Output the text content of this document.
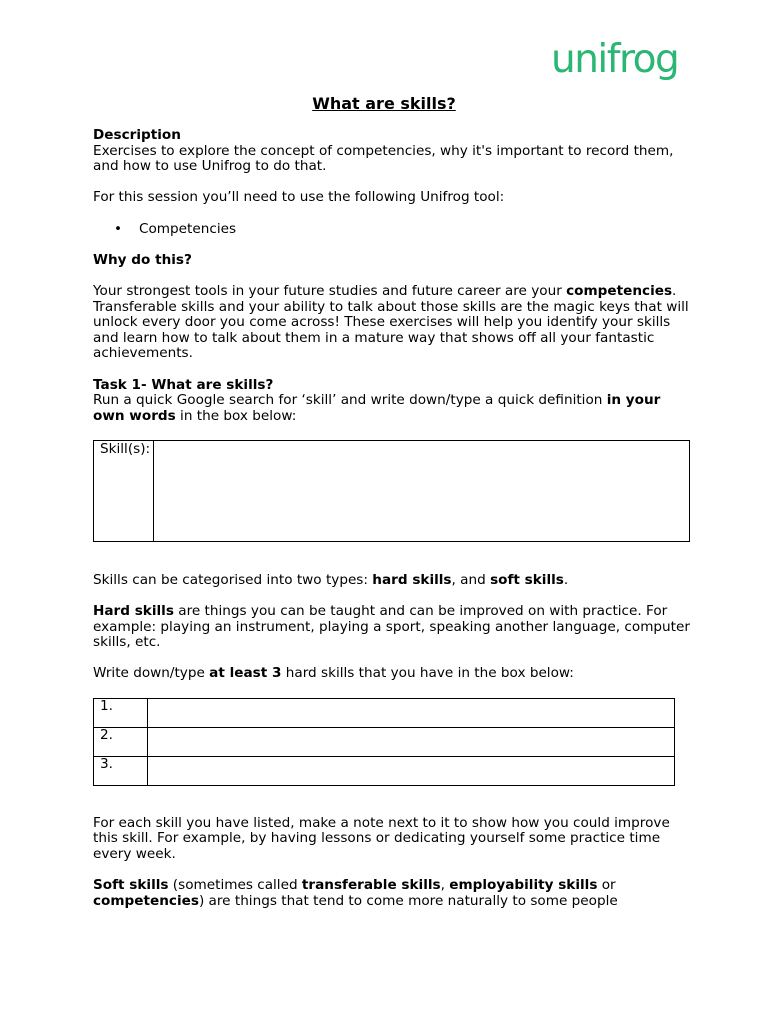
unifrog
What are skills?

Description

Exercises to explore the concept of competencies, why it's important to record them, and how to use Unifrog to do that.

For this session you’ll need to use the following Unifrog tool:

• Competencies

Why do this?

Your strongest tools in your future studies and future career are your competencies. Transferable skills and your ability to talk about those skills are the magic keys that will unlock every door you come across! These exercises will help you identify your skills and learn how to talk about them in a mature way that shows off all your fantastic achievements.

Task 1- What are skills?

Run a quick Google search for ‘skill’ and write down/type a quick definition in your own words in the box below:

Skill(s):

Skills can be categorised into two types: hard skills, and soft skills.

Hard skills are things you can be taught and can be improved on with practice. For example: playing an instrument, playing a sport, speaking another language, computer skills, etc.

Write down/type at least 3 hard skills that you have in the box below:

1.	
2.	
3.	

For each skill you have listed, make a note next to it to show how you could improve this skill. For example, by having lessons or dedicating yourself some practice time every week.

Soft skills (sometimes called transferable skills, employability skills or competencies) are things that tend to come more naturally to some people
